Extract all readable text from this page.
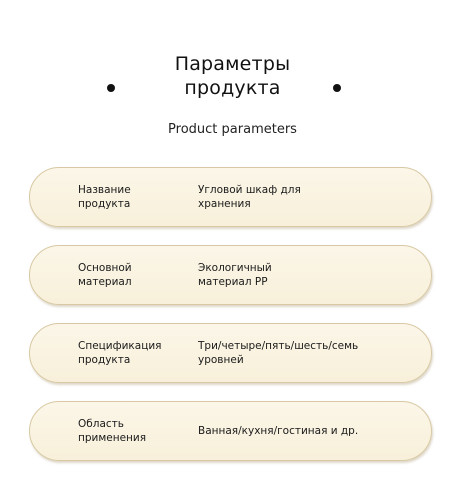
Параметры
продукта
Product parameters
Название
продукта
Угловой шкаф для
хранения
Основной
материал
Экологичный
материал PP
Спецификация
продукта
Три/четыре/пять/шесть/семь
уровней
Область
применения
Ванная/кухня/гостиная и др.
